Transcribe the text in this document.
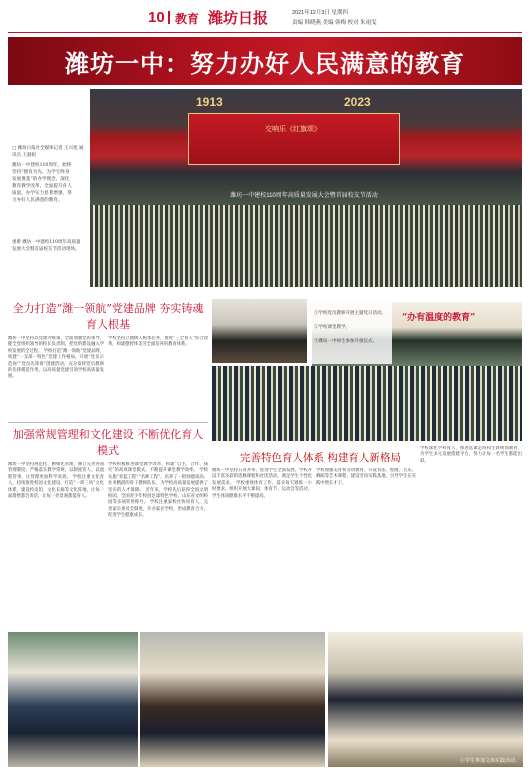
10 教育 潍坊日报	2021年12月3日 星期四
责编 韩晓燕 美编 韩梅 校对 朱雨雯
潍坊一中：努力办好人民满意的教育
□ 潍坊日报社全媒体记者 王兴旭 通讯员 王淑娟
潍坊一中建校110周年，始终坚持“德育为先、为学生终身发展奠基”的办学理念，深化教育教学改革，全面提升育人质量，办学实力显著增强，努力办好人民满意的教育。
重难 潍坊一中建校110周年高质量发展大会暨首届校友节活动现场。
1913	2023
交响乐《红旗颂》
潍坊一中建校110周年高质量发展大会暨首届校友节活动
全力打造“潍一领航”党建品牌 夯实铸魂育人根基
潍坊一中坚持以党建为统领，全面加强党的领导，健全党组织领导的校长负责制，把党的建设融入学校发展的全过程。 学校打造“潍一领航”党建品牌，构建“一支部一特色”党建工作格局，开展“党员示范岗”“党员先锋岗”创建活动，充分发挥党员教师的先锋模范作用，以高质量党建引领学校高质量发展。
学校坚持立德树人根本任务，推进“三全育人”综合改革，构建德智体美劳全面培养的教育体系。
加强常规管理和文化建设 不断优化育人模式
潍坊一中坚持规范化、精细化管理，修订完善各项管理制度，严格落实教学常规，以制度管人、以流程管事，让管理更加科学高效。 学校注重文化育人，持续推进校园文化建设，打造“一训三风”文化体系，建设校史馆、文化长廊等文化阵地，让每一面墙壁都会说话，让每一处景观都能育人。
学校积极推进课堂教学改革，构建“自主、合作、探究”的高效课堂模式，不断提升课堂教学效率。 学校实施“青蓝工程”“名师工程”，培养了一批师德高尚、业务精湛的骨干教师队伍，为学校高质量发展提供了坚实的人才保障。 近年来，学校先后获得全国文明校园、全国青少年校园足球特色学校、山东省文明校园等多项荣誉称号。 学校注重家校社协同育人，完善家长委员会制度，开办家长学校，形成教育合力，促进学生健康成长。
“办有温度的教育”
①学校党员教师开展主题党日活动。
②学校课堂教学。
③潍坊一中师生参加升旗仪式。
完善特色育人体系 构建育人新格局
潍坊一中坚持五育并举，促进学生全面发展。学校开设丰富多彩的选修课程和社团活动，满足学生个性化发展需求。 学校重视体育工作，落实每天锻炼一小时要求，组织开展大课间、体育节、运动会等活动，学生体质健康水平不断提高。
学校加强美育和劳动教育，开设书法、绘画、音乐、舞蹈等艺术课程，建设劳动实践基地，引导学生在实践中增长才干。
学校深化学科育人，推进选课走班和生涯规划教育，为学生多元发展搭建平台，努力让每一名学生都能出彩。
④学生参加文体实践活动。
